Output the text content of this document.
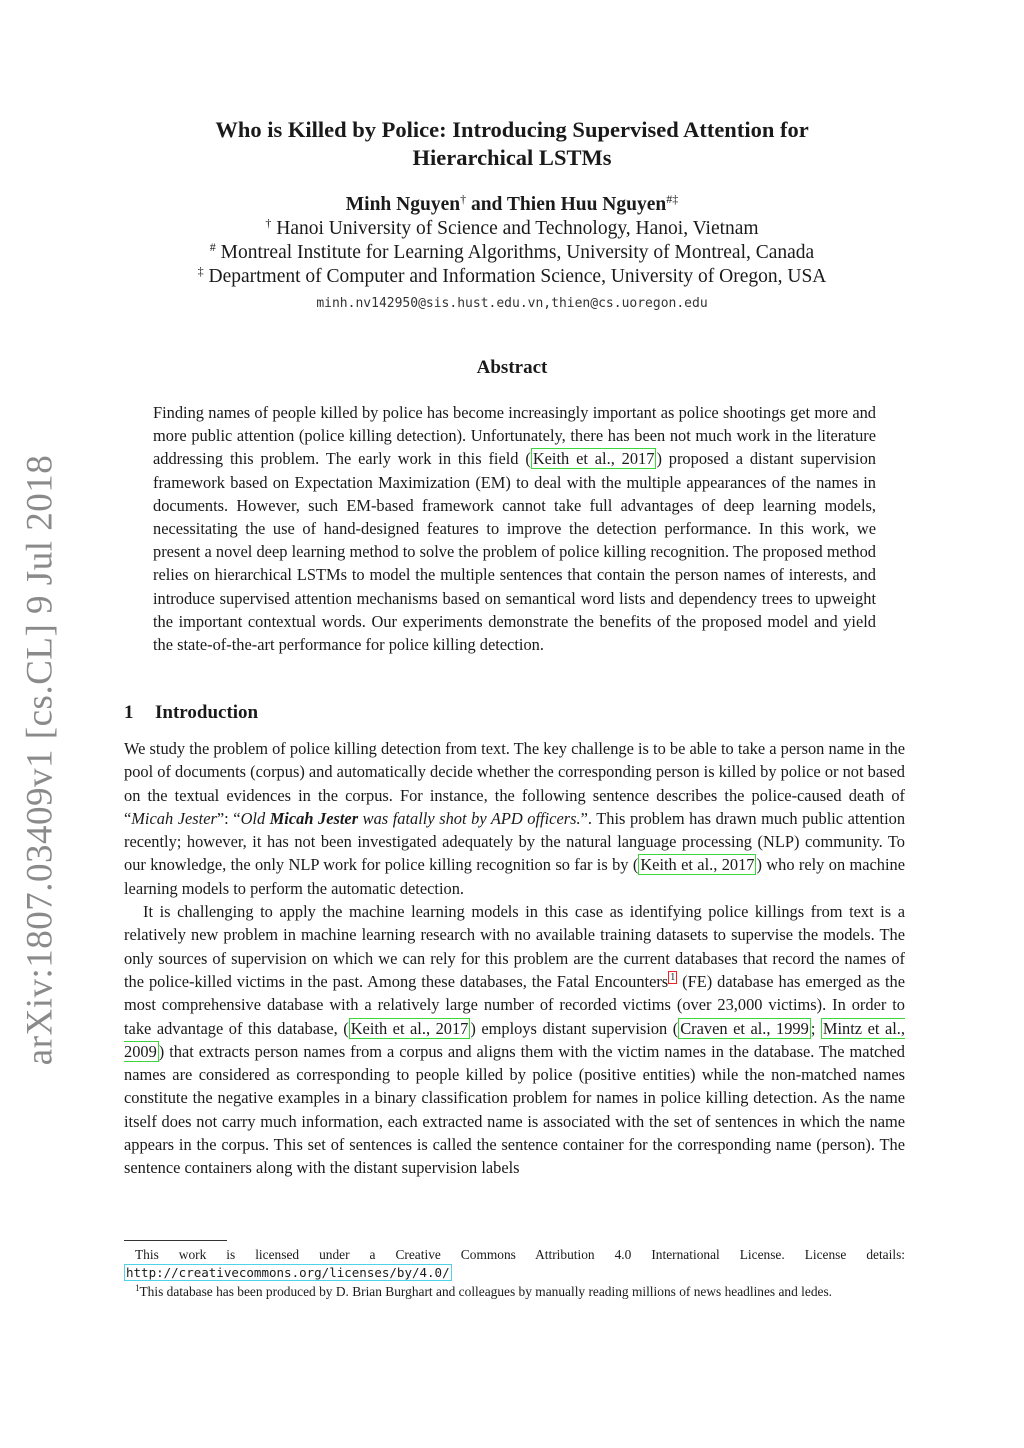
arXiv:1807.03409v1 [cs.CL] 9 Jul 2018
Who is Killed by Police: Introducing Supervised Attention for
Hierarchical LSTMs
Minh Nguyen† and Thien Huu Nguyen#‡
† Hanoi University of Science and Technology, Hanoi, Vietnam
# Montreal Institute for Learning Algorithms, University of Montreal, Canada
‡ Department of Computer and Information Science, University of Oregon, USA
minh.nv142950@sis.hust.edu.vn,thien@cs.uoregon.edu
Abstract

Finding names of people killed by police has become increasingly important as police shootings get more and more public attention (police killing detection). Unfortunately, there has been not much work in the literature addressing this problem. The early work in this field ( Keith et al., 2017 ) proposed a distant supervision framework based on Expectation Maximization (EM) to deal with the multiple appearances of the names in documents. However, such EM-based framework cannot take full advantages of deep learning models, necessitating the use of hand-designed features to improve the detection performance. In this work, we present a novel deep learning method to solve the problem of police killing recognition. The proposed method relies on hierarchical LSTMs to model the multiple sentences that contain the person names of interests, and introduce supervised attention mechanisms based on semantical word lists and dependency trees to upweight the important contextual words. Our experiments demonstrate the benefits of the proposed model and yield the state-of-the-art performance for police killing detection.

1 Introduction

We study the problem of police killing detection from text. The key challenge is to be able to take a person name in the pool of documents (corpus) and automatically decide whether the corresponding person is killed by police or not based on the textual evidences in the corpus. For instance, the following sentence describes the police-caused death of “Micah Jester”: “Old Micah Jester was fatally shot by APD officers.”. This problem has drawn much public attention recently; however, it has not been investigated adequately by the natural language processing (NLP) community. To our knowledge, the only NLP work for police killing recognition so far is by ( Keith et al., 2017 ) who rely on machine learning models to perform the automatic detection.

It is challenging to apply the machine learning models in this case as identifying police killings from text is a relatively new problem in machine learning research with no available training datasets to supervise the models. The only sources of supervision on which we can rely for this problem are the current databases that record the names of the police-killed victims in the past. Among these databases, the Fatal Encounters $^1$ (FE) database has emerged as the most comprehensive database with a relatively large number of recorded victims (over 23,000 victims). In order to take advantage of this database, ( Keith et al., 2017 ) employs distant supervision ( Craven et al., 1999 ; Mintz et al., 2009 ) that extracts person names from a corpus and aligns them with the victim names in the database. The matched names are considered as corresponding to people killed by police (positive entities) while the non-matched names constitute the negative examples in a binary classification problem for names in police killing detection. As the name itself does not carry much information, each extracted name is associated with the set of sentences in which the name appears in the corpus. This set of sentences is called the sentence container for the corresponding name (person). The sentence containers along with the distant supervision labels

This work is licensed under a Creative Commons Attribution 4.0 International License. License details: http://creativecommons.org/licenses/by/4.0/

$^1$This database has been produced by D. Brian Burghart and colleagues by manually reading millions of news headlines and ledes.
